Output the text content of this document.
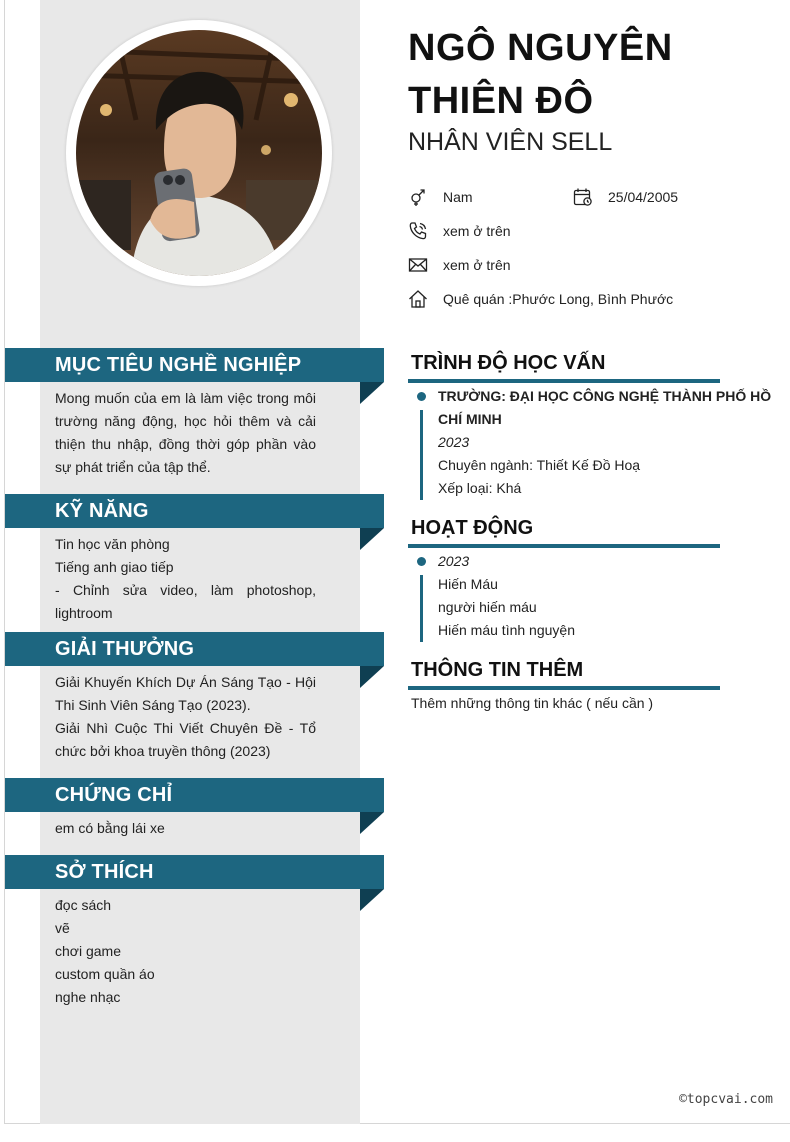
NGÔ NGUYÊN
THIÊN ĐÔ
NHÂN VIÊN SELL
Nam	25/04/2005
xem ở trên
xem ở trên
Quê quán :Phước Long, Bình Phước
MỤC TIÊU NGHỀ NGHIỆP
Mong muốn của em là làm việc trong môi trường năng động, học hỏi thêm và cải thiện thu nhập, đồng thời góp phần vào sự phát triển của tập thể.
KỸ NĂNG
Tin học văn phòng
Tiếng anh giao tiếp
- Chỉnh sửa video, làm photoshop, lightroom
GIẢI THƯỞNG
Giải Khuyến Khích Dự Án Sáng Tạo - Hội Thi Sinh Viên Sáng Tạo (2023).
Giải Nhì Cuộc Thi Viết Chuyên Đề - Tổ chức bởi khoa truyền thông (2023)
CHỨNG CHỈ
em có bằng lái xe
SỞ THÍCH
đọc sách
vẽ
chơi game
custom quần áo
nghe nhạc
TRÌNH ĐỘ HỌC VẤN
TRƯỜNG: ĐẠI HỌC CÔNG NGHỆ THÀNH PHỐ HỒ CHÍ MINH
2023
Chuyên ngành: Thiết Kế Đồ Hoạ
Xếp loại: Khá
HOẠT ĐỘNG
2023
Hiến Máu
người hiến máu
Hiến máu tình nguyện
THÔNG TIN THÊM
Thêm những thông tin khác ( nếu cần )
©topcvai.com
